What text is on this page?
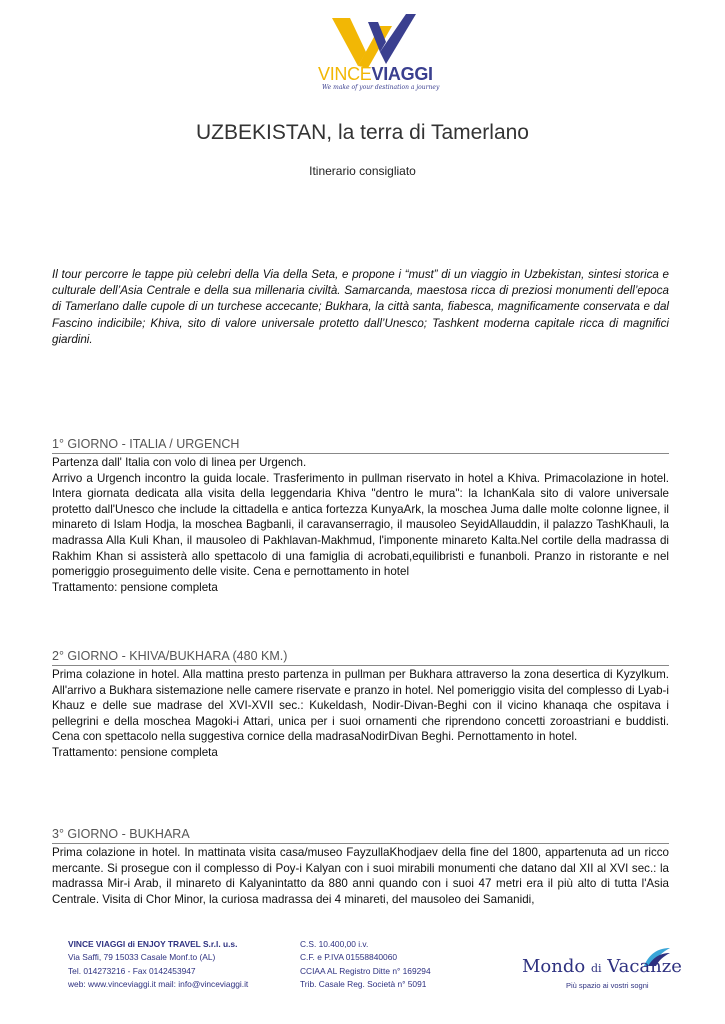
VINCEVIAGGI
We make of your destination a journey
UZBEKISTAN, la terra di Tamerlano
Itinerario consigliato
Il tour percorre le tappe più celebri della Via della Seta, e propone i “must” di un viaggio in Uzbekistan, sintesi storica e culturale dell’Asia Centrale e della sua millenaria civiltà. Samarcanda, maestosa ricca di preziosi monumenti dell’epoca di Tamerlano dalle cupole di un turchese accecante; Bukhara, la città santa, fiabesca, magnificamente conservata e dal Fascino indicibile; Khiva, sito di valore universale protetto dall’Unesco; Tashkent moderna capitale ricca di magnifici giardini.
1° GIORNO - ITALIA / URGENCH

Partenza dall' Italia con volo di linea per Urgench.

Arrivo a Urgench incontro la guida locale. Trasferimento in pullman riservato in hotel a Khiva. Primacolazione in hotel. Intera giornata dedicata alla visita della leggendaria Khiva "dentro le mura": la IchanKala sito di valore universale protetto dall'Unesco che include la cittadella e antica fortezza KunyaArk, la moschea Juma dalle molte colonne lignee, il minareto di Islam Hodja, la moschea Bagbanli, il caravanserragio, il mausoleo SeyidAllauddin, il palazzo TashKhauli, la madrassa Alla Kuli Khan, il mausoleo di Pakhlavan-Makhmud, l'imponente minareto Kalta.Nel cortile della madrassa di Rakhim Khan si assisterà allo spettacolo di una famiglia di acrobati,equilibristi e funanboli. Pranzo in ristorante e nel pomeriggio proseguimento delle visite. Cena e pernottamento in hotel

Trattamento: pensione completa

2° GIORNO - KHIVA/BUKHARA (480 KM.)

Prima colazione in hotel. Alla mattina presto partenza in pullman per Bukhara attraverso la zona desertica di Kyzylkum. All'arrivo a Bukhara sistemazione nelle camere riservate e pranzo in hotel. Nel pomeriggio visita del complesso di Lyab-i Khauz e delle sue madrase del XVI-XVII sec.: Kukeldash, Nodir-Divan-Beghi con il vicino khanaqa che ospitava i pellegrini e della moschea Magoki-i Attari, unica per i suoi ornamenti che riprendono concetti zoroastriani e buddisti. Cena con spettacolo nella suggestiva cornice della madrasaNodirDivan Beghi. Pernottamento in hotel.

Trattamento: pensione completa

3° GIORNO - BUKHARA

Prima colazione in hotel. In mattinata visita casa/museo FayzullaKhodjaev della fine del 1800, appartenuta ad un ricco mercante. Si prosegue con il complesso di Poy-i Kalyan con i suoi mirabili monumenti che datano dal XII al XVI sec.: la madrassa Mir-i Arab, il minareto di Kalyanintatto da 880 anni quando con i suoi 47 metri era il più alto di tutta l'Asia Centrale. Visita di Chor Minor, la curiosa madrassa dei 4 minareti, del mausoleo dei Samanidi,

VINCE VIAGGI di ENJOY TRAVEL S.r.l. u.s.
Via Saffi, 79 15033 Casale Monf.to (AL)
Tel. 014273216 - Fax 0142453947
web: www.vinceviaggi.it mail: info@vinceviaggi.it
C.S. 10.400,00 i.v.
C.F. e P.IVA 01558840060
CCIAA AL Registro Ditte n° 169294
Trib. Casale Reg. Società n° 5091
Mondo di Vacanze
Più spazio ai vostri sogni
